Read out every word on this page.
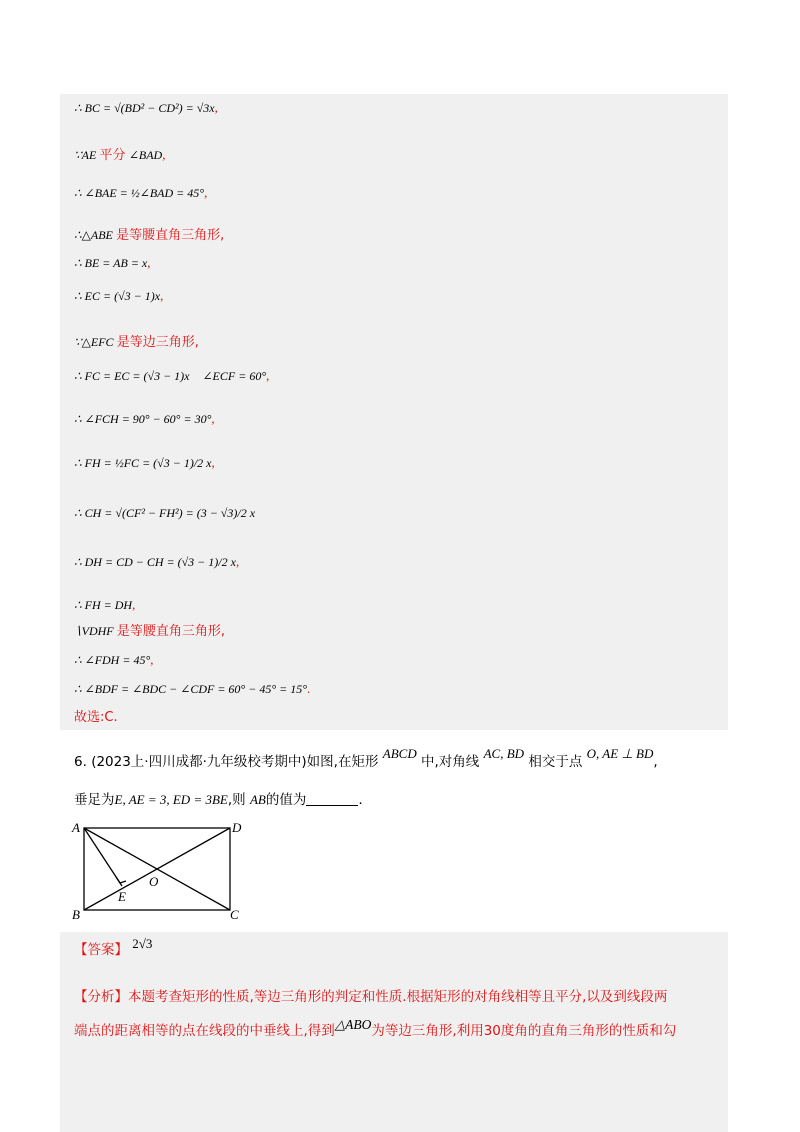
∴ BC = √(BD² − CD²) = √3x,
∵AE 平分 ∠BAD,
∴ ∠BAE = ½∠BAD = 45°,
∴△ABE 是等腰直角三角形,
∴ BE = AB = x,
∴ EC = (√3 − 1)x,
∵△EFC 是等边三角形,
∴ FC = EC = (√3 − 1)x ∠ECF = 60°,
∴ ∠FCH = 90° − 60° = 30°,
∴ FH = ½FC = (√3 − 1)/2 x,
∴ CH = √(CF² − FH²) = (3 − √3)/2 x
∴ DH = CD − CH = (√3 − 1)/2 x,
∴ FH = DH,
∖VDHF 是等腰直角三角形,
∴ ∠FDH = 45°,
∴ ∠BDF = ∠BDC − ∠CDF = 60° − 45° = 15°.
故选:C.
6. (2023上·四川成都·九年级校考期中)如图,在矩形 ABCD 中,对角线 AC, BD 相交于点 O, AE ⊥ BD,
垂足为E, AE = 3, ED = 3BE,则 AB的值为	.
A	D
O
E
B	C
【答案】 2√3
【分析】本题考查矩形的性质,等边三角形的判定和性质.根据矩形的对角线相等且平分,以及到线段两
端点的距离相等的点在线段的中垂线上,得到△ABO为等边三角形,利用30度角的直角三角形的性质和勾
